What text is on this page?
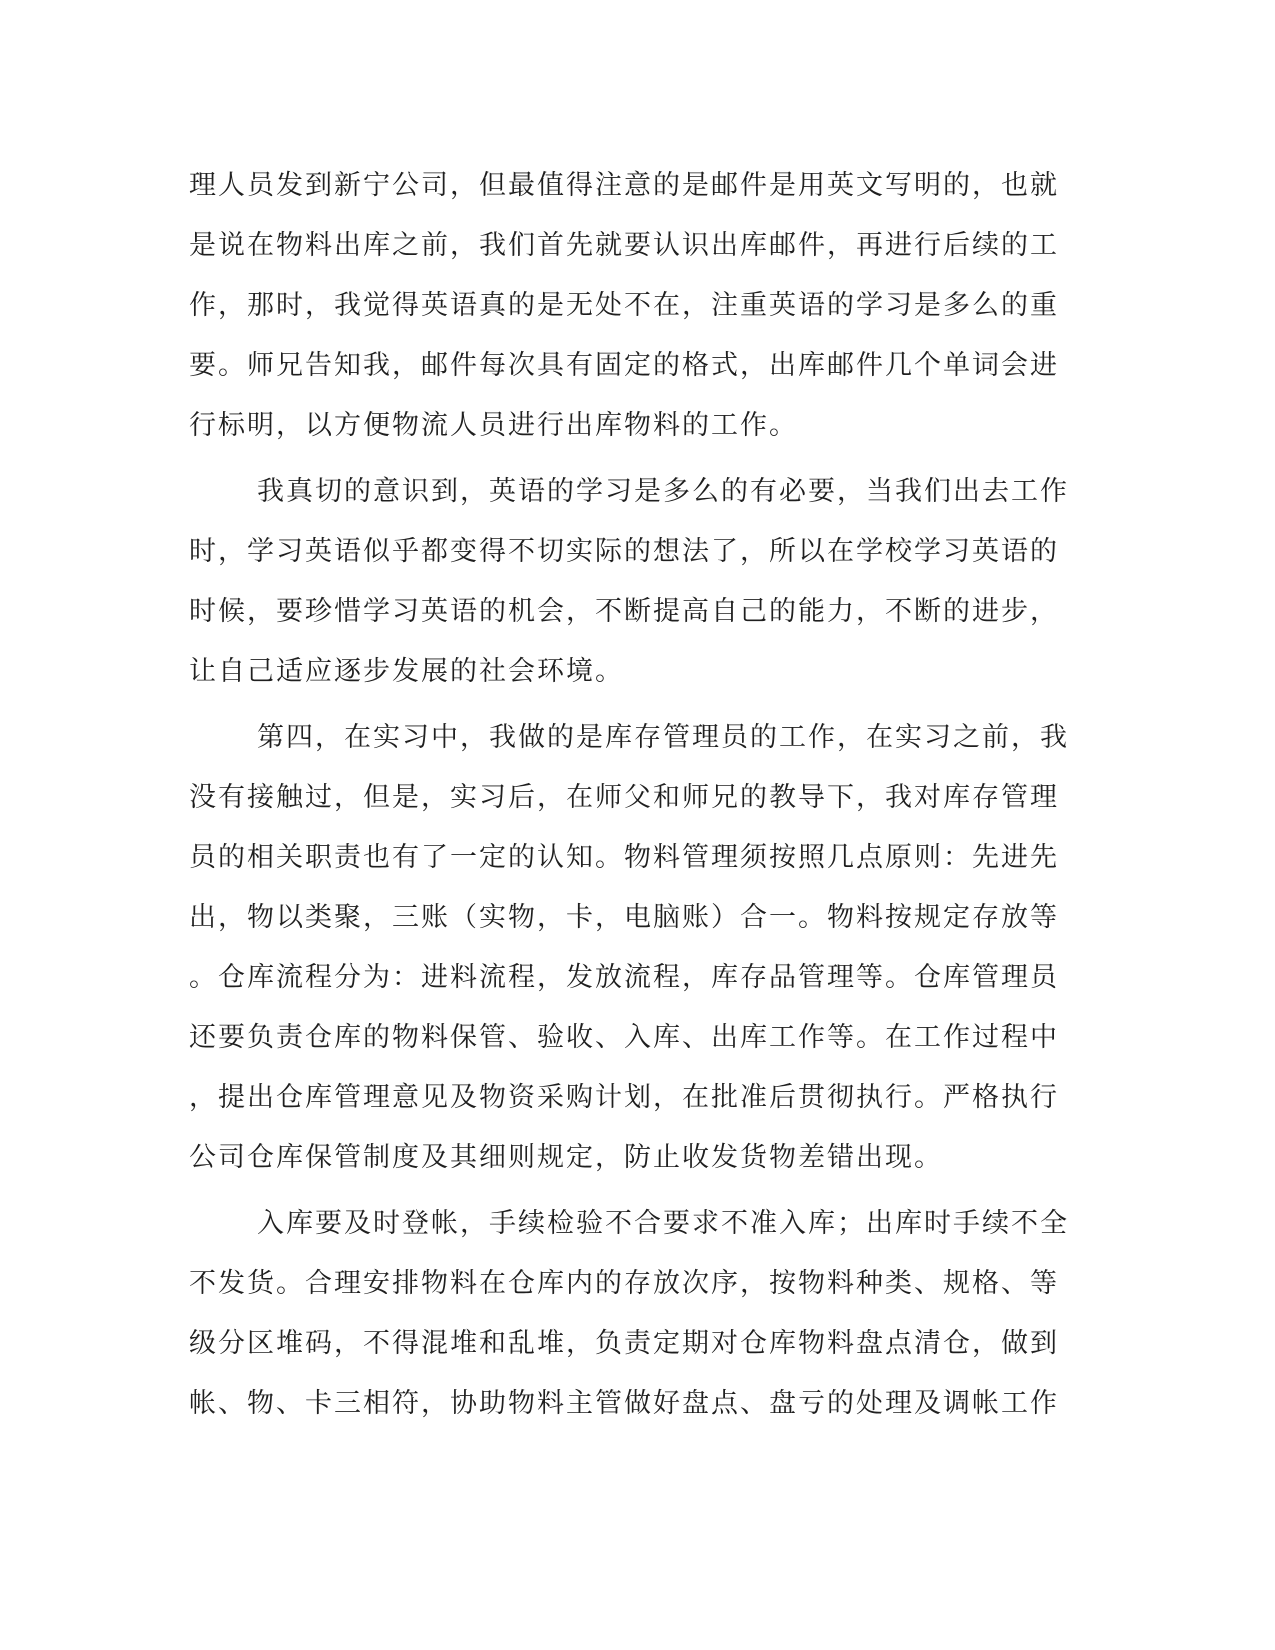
理人员发到新宁公司，但最值得注意的是邮件是用英文写明的，也就
是说在物料出库之前，我们首先就要认识出库邮件，再进行后续的工
作，那时，我觉得英语真的是无处不在，注重英语的学习是多么的重
要。师兄告知我，邮件每次具有固定的格式，出库邮件几个单词会进
行标明，以方便物流人员进行出库物料的工作。
我真切的意识到，英语的学习是多么的有必要，当我们出去工作
时，学习英语似乎都变得不切实际的想法了，所以在学校学习英语的
时候，要珍惜学习英语的机会，不断提高自己的能力，不断的进步，
让自己适应逐步发展的社会环境。
第四，在实习中，我做的是库存管理员的工作，在实习之前，我
没有接触过，但是，实习后，在师父和师兄的教导下，我对库存管理
员的相关职责也有了一定的认知。物料管理须按照几点原则：先进先
出，物以类聚，三账（实物，卡，电脑账）合一。物料按规定存放等
。仓库流程分为：进料流程，发放流程，库存品管理等。仓库管理员
还要负责仓库的物料保管、验收、入库、出库工作等。在工作过程中
，提出仓库管理意见及物资采购计划，在批准后贯彻执行。严格执行
公司仓库保管制度及其细则规定，防止收发货物差错出现。
入库要及时登帐，手续检验不合要求不准入库；出库时手续不全
不发货。合理安排物料在仓库内的存放次序，按物料种类、规格、等
级分区堆码，不得混堆和乱堆，负责定期对仓库物料盘点清仓，做到
帐、物、卡三相符，协助物料主管做好盘点、盘亏的处理及调帐工作
